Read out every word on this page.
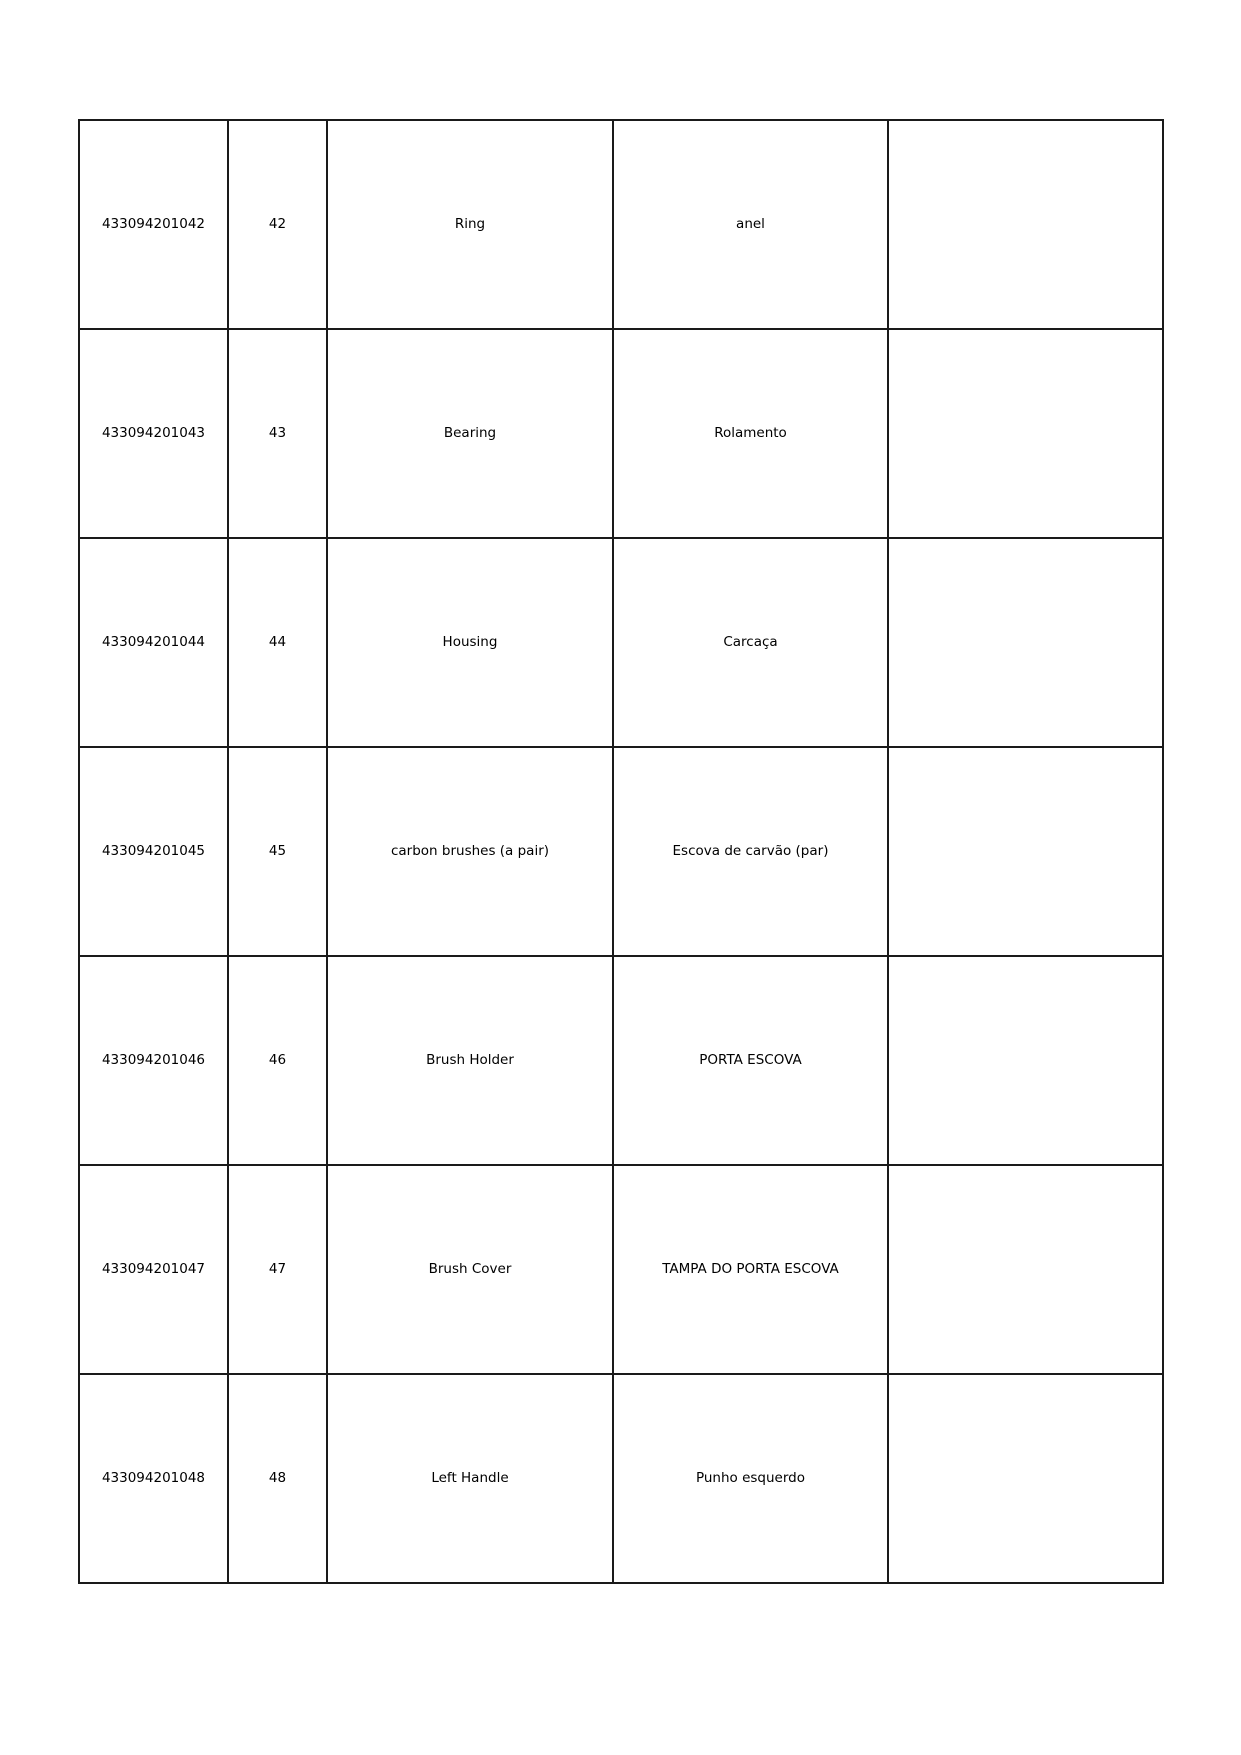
433094201042	42	Ring	anel	
433094201043	43	Bearing	Rolamento	
433094201044	44	Housing	Carcaça	
433094201045	45	carbon brushes (a pair)	Escova de carvão (par)	
433094201046	46	Brush Holder	PORTA ESCOVA	
433094201047	47	Brush Cover	TAMPA DO PORTA ESCOVA	
433094201048	48	Left Handle	Punho esquerdo	
